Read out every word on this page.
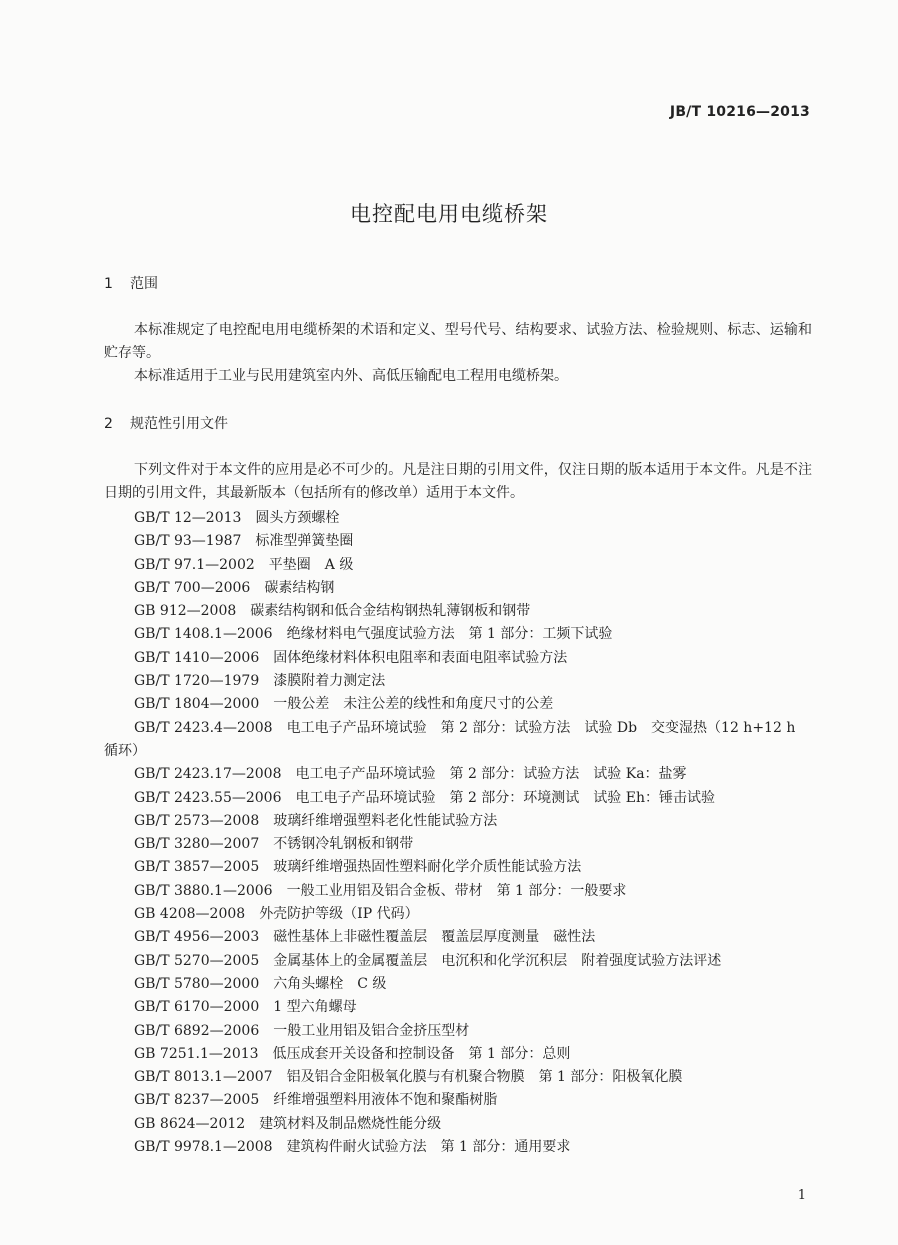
JB/T 10216—2013
电控配电用电缆桥架
1 范围

本标准规定了电控配电用电缆桥架的术语和定义、型号代号、结构要求、试验方法、检验规则、标志、运输和贮存等。

本标准适用于工业与民用建筑室内外、高低压输配电工程用电缆桥架。

2 规范性引用文件

下列文件对于本文件的应用是必不可少的。凡是注日期的引用文件，仅注日期的版本适用于本文件。凡是不注日期的引用文件，其最新版本（包括所有的修改单）适用于本文件。

GB/T 12—2013 圆头方颈螺栓
GB/T 93—1987 标准型弹簧垫圈
GB/T 97.1—2002 平垫圈　A 级
GB/T 700—2006 碳素结构钢
GB 912—2008 碳素结构钢和低合金结构钢热轧薄钢板和钢带
GB/T 1408.1—2006 绝缘材料电气强度试验方法　第 1 部分：工频下试验
GB/T 1410—2006 固体绝缘材料体积电阻率和表面电阻率试验方法
GB/T 1720—1979 漆膜附着力测定法
GB/T 1804—2000 一般公差　未注公差的线性和角度尺寸的公差
GB/T 2423.4—2008 电工电子产品环境试验　第 2 部分：试验方法　试验 Db　交变湿热（12 h+12 h 循环）
GB/T 2423.17—2008 电工电子产品环境试验　第 2 部分：试验方法　试验 Ka：盐雾
GB/T 2423.55—2006 电工电子产品环境试验　第 2 部分：环境测试　试验 Eh：锤击试验
GB/T 2573—2008 玻璃纤维增强塑料老化性能试验方法
GB/T 3280—2007 不锈钢冷轧钢板和钢带
GB/T 3857—2005 玻璃纤维增强热固性塑料耐化学介质性能试验方法
GB/T 3880.1—2006 一般工业用铝及铝合金板、带材　第 1 部分：一般要求
GB 4208—2008 外壳防护等级（IP 代码）
GB/T 4956—2003 磁性基体上非磁性覆盖层　覆盖层厚度测量　磁性法
GB/T 5270—2005 金属基体上的金属覆盖层　电沉积和化学沉积层　附着强度试验方法评述
GB/T 5780—2000 六角头螺栓　C 级
GB/T 6170—2000 1 型六角螺母
GB/T 6892—2006 一般工业用铝及铝合金挤压型材
GB 7251.1—2013 低压成套开关设备和控制设备　第 1 部分：总则
GB/T 8013.1—2007 铝及铝合金阳极氧化膜与有机聚合物膜　第 1 部分：阳极氧化膜
GB/T 8237—2005 纤维增强塑料用液体不饱和聚酯树脂
GB 8624—2012 建筑材料及制品燃烧性能分级
GB/T 9978.1—2008 建筑构件耐火试验方法　第 1 部分：通用要求
1
